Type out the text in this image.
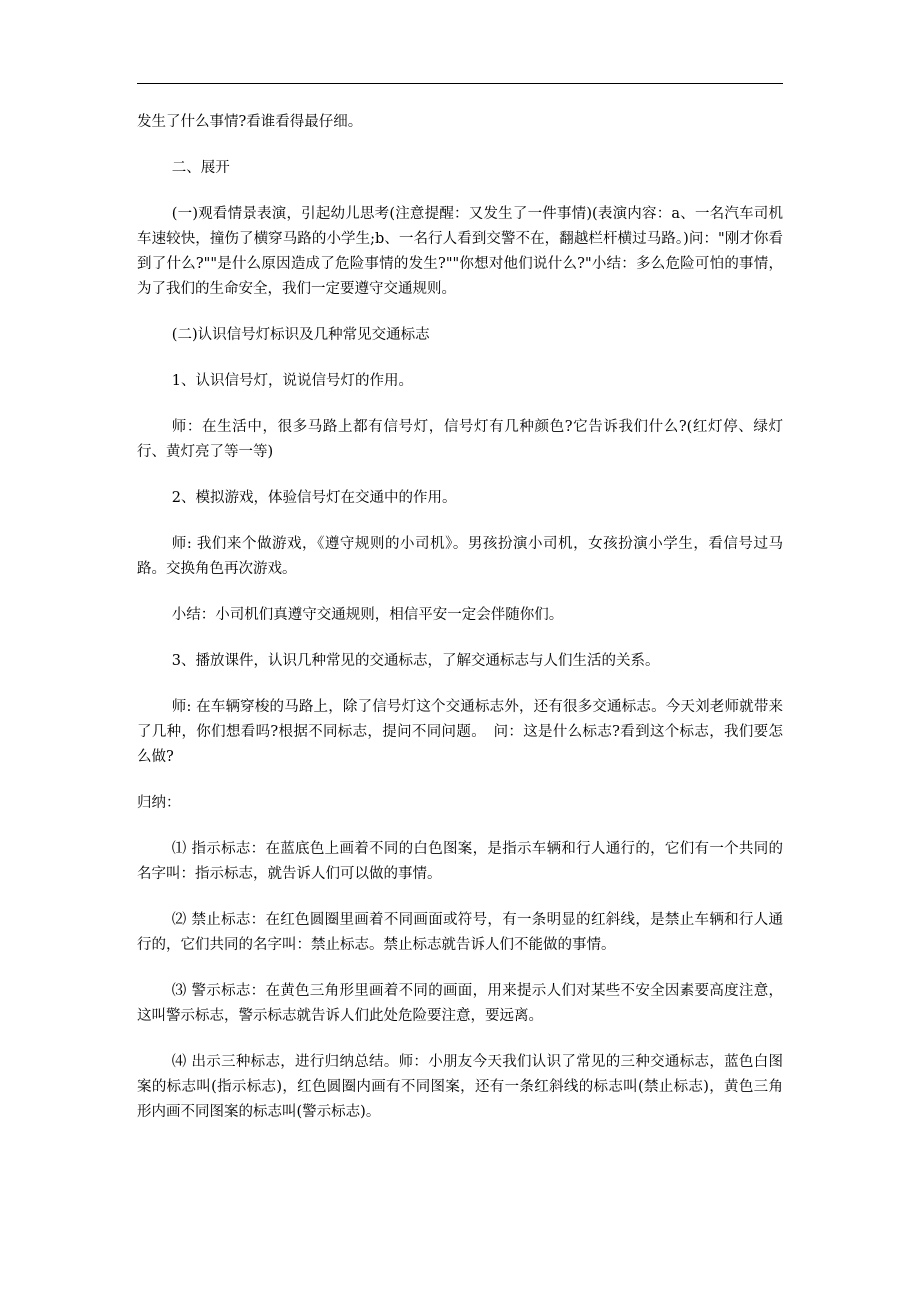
发生了什么事情?看谁看得最仔细。

二、展开

(一)观看情景表演，引起幼儿思考(注意提醒：又发生了一件事情)(表演内容：a、一名汽车司机车速较快，撞伤了横穿马路的小学生;b、一名行人看到交警不在，翻越栏杆横过马路。)问："刚才你看到了什么?""是什么原因造成了危险事情的发生?""你想对他们说什么?"小结：多么危险可怕的事情，为了我们的生命安全，我们一定要遵守交通规则。

(二)认识信号灯标识及几种常见交通标志

1、认识信号灯，说说信号灯的作用。

师：在生活中，很多马路上都有信号灯，信号灯有几种颜色?它告诉我们什么?(红灯停、绿灯行、黄灯亮了等一等)

2、模拟游戏，体验信号灯在交通中的作用。

师: 我们来个做游戏，《遵守规则的小司机》。男孩扮演小司机，女孩扮演小学生，看信号过马路。交换角色再次游戏。

小结：小司机们真遵守交通规则，相信平安一定会伴随你们。

3、播放课件，认识几种常见的交通标志，了解交通标志与人们生活的关系。

师: 在车辆穿梭的马路上，除了信号灯这个交通标志外，还有很多交通标志。今天刘老师就带来了几种，你们想看吗?根据不同标志，提问不同问题。　问：这是什么标志?看到这个标志，我们要怎么做?

归纳：

⑴ 指示标志：在蓝底色上画着不同的白色图案，是指示车辆和行人通行的，它们有一个共同的名字叫：指示标志，就告诉人们可以做的事情。

⑵ 禁止标志：在红色圆圈里画着不同画面或符号，有一条明显的红斜线，是禁止车辆和行人通行的，它们共同的名字叫：禁止标志。禁止标志就告诉人们不能做的事情。

⑶ 警示标志：在黄色三角形里画着不同的画面，用来提示人们对某些不安全因素要高度注意，这叫警示标志，警示标志就告诉人们此处危险要注意，要远离。

⑷ 出示三种标志，进行归纳总结。师：小朋友今天我们认识了常见的三种交通标志，蓝色白图案的标志叫(指示标志)，红色圆圈内画有不同图案，还有一条红斜线的标志叫(禁止标志)，黄色三角形内画不同图案的标志叫(警示标志)。
